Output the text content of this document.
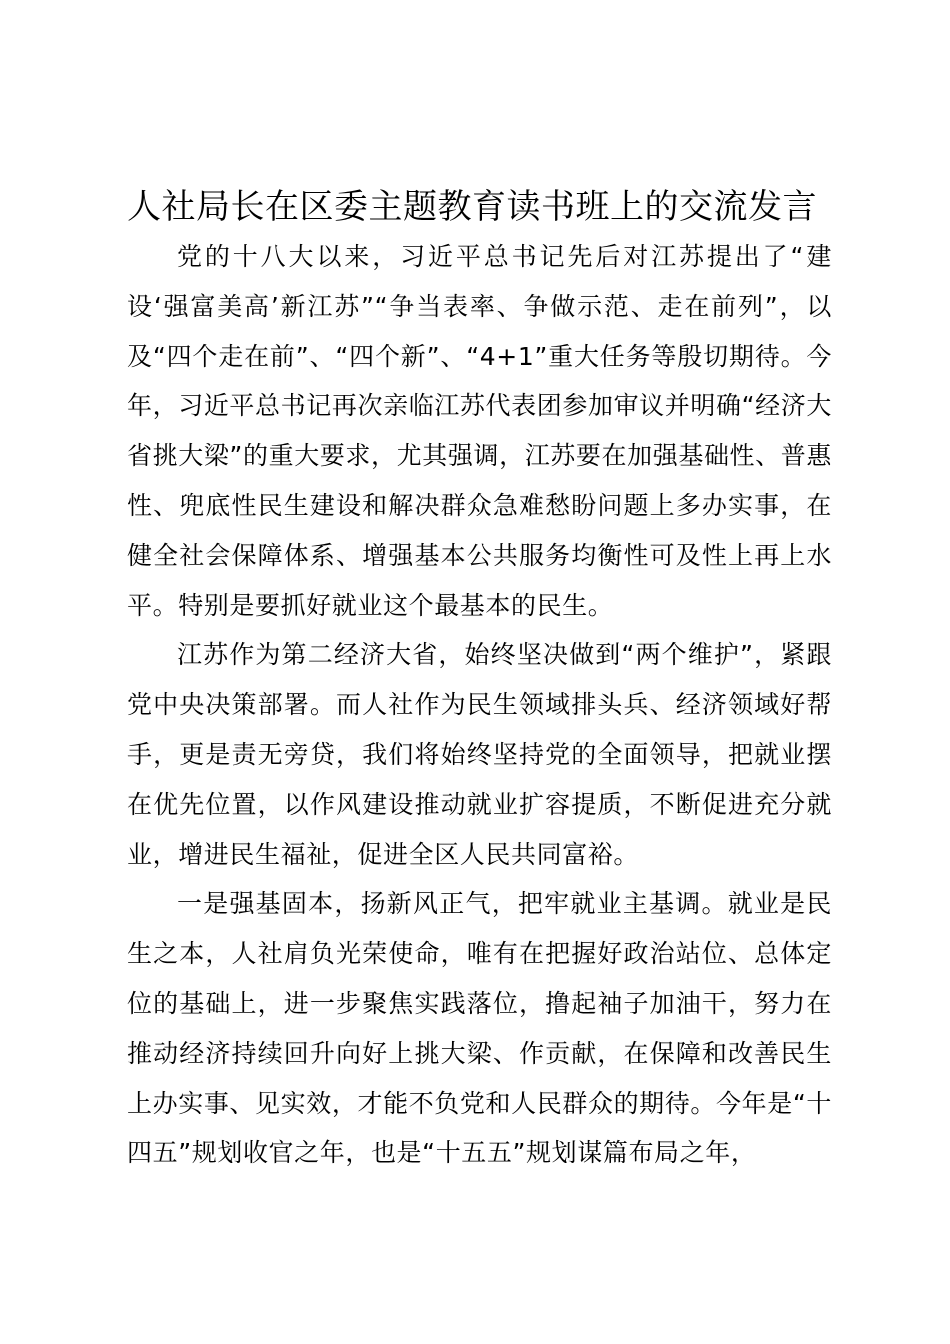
人社局长在区委主题教育读书班上的交流发言

党的十八大以来，习近平总书记先后对江苏提出了“建设‘强富美高’新江苏”“争当表率、争做示范、走在前列”，以及“四个走在前”、“四个新”、“4+1”重大任务等殷切期待。今年，习近平总书记再次亲临江苏代表团参加审议并明确“经济大省挑大梁”的重大要求，尤其强调，江苏要在加强基础性、普惠性、兜底性民生建设和解决群众急难愁盼问题上多办实事，在健全社会保障体系、增强基本公共服务均衡性可及性上再上水平。特别是要抓好就业这个最基本的民生。

江苏作为第二经济大省，始终坚决做到“两个维护”，紧跟党中央决策部署。而人社作为民生领域排头兵、经济领域好帮手，更是责无旁贷，我们将始终坚持党的全面领导，把就业摆在优先位置，以作风建设推动就业扩容提质，不断促进充分就业，增进民生福祉，促进全区人民共同富裕。

一是强基固本，扬新风正气，把牢就业主基调。就业是民生之本，人社肩负光荣使命，唯有在把握好政治站位、总体定位的基础上，进一步聚焦实践落位，撸起袖子加油干，努力在推动经济持续回升向好上挑大梁、作贡献，在保障和改善民生上办实事、见实效，才能不负党和人民群众的期待。今年是“十四五”规划收官之年，也是“十五五”规划谋篇布局之年，
